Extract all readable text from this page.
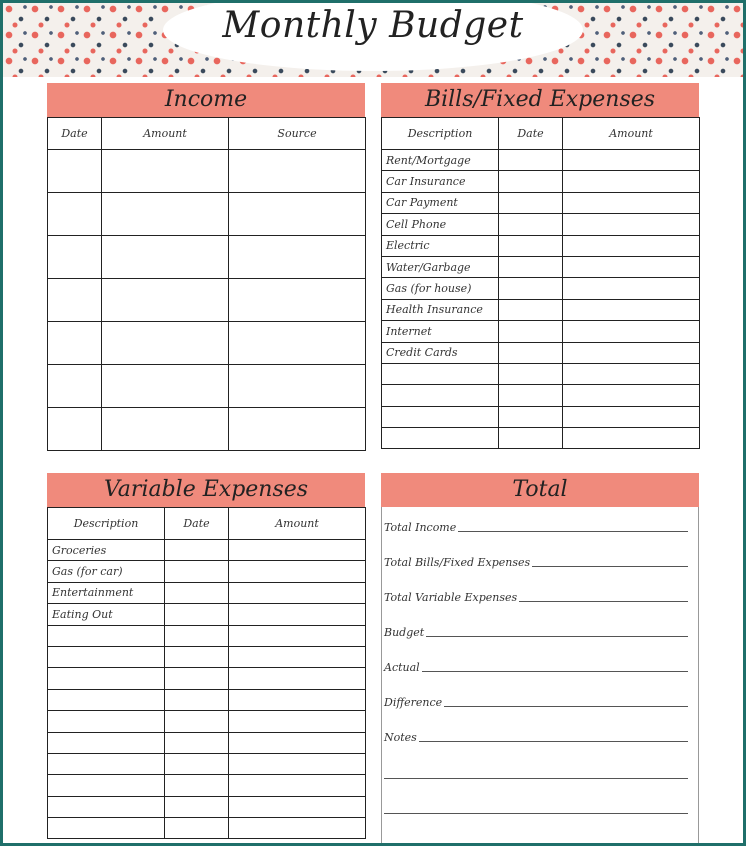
Monthly Budget
Income
Date	Amount	Source

Bills/Fixed Expenses
Description	Date	Amount
Rent/Mortgage		
Car Insurance		
Car Payment		
Cell Phone		
Electric		
Water/Garbage		
Gas (for house)		
Health Insurance		
Internet		
Credit Cards		

Variable Expenses
Description	Date	Amount
Groceries		
Gas (for car)		
Entertainment		
Eating Out		

Total
Total Income
Total Bills/Fixed Expenses
Total Variable Expenses
Budget
Actual
Difference
Notes
